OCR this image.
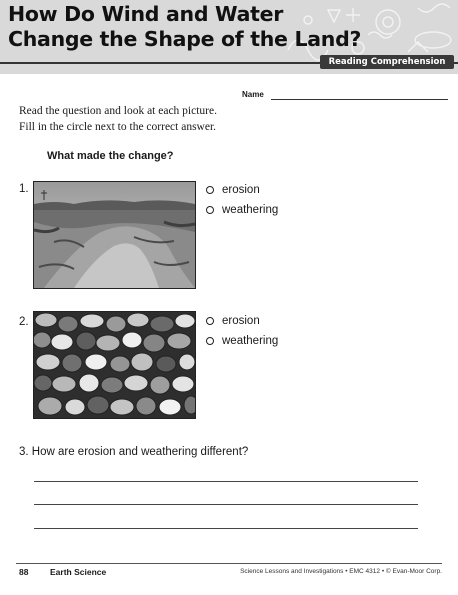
How Do Wind and Water
Change the Shape of the Land?
Reading Comprehension
Name
Read the question and look at each picture.
Fill in the circle next to the correct answer.
What made the change?
1.	erosion
weathering
2.	erosion
weathering
3. How are erosion and weathering different?
88	Earth Science	Science Lessons and Investigations • EMC 4312 • © Evan-Moor Corp.
